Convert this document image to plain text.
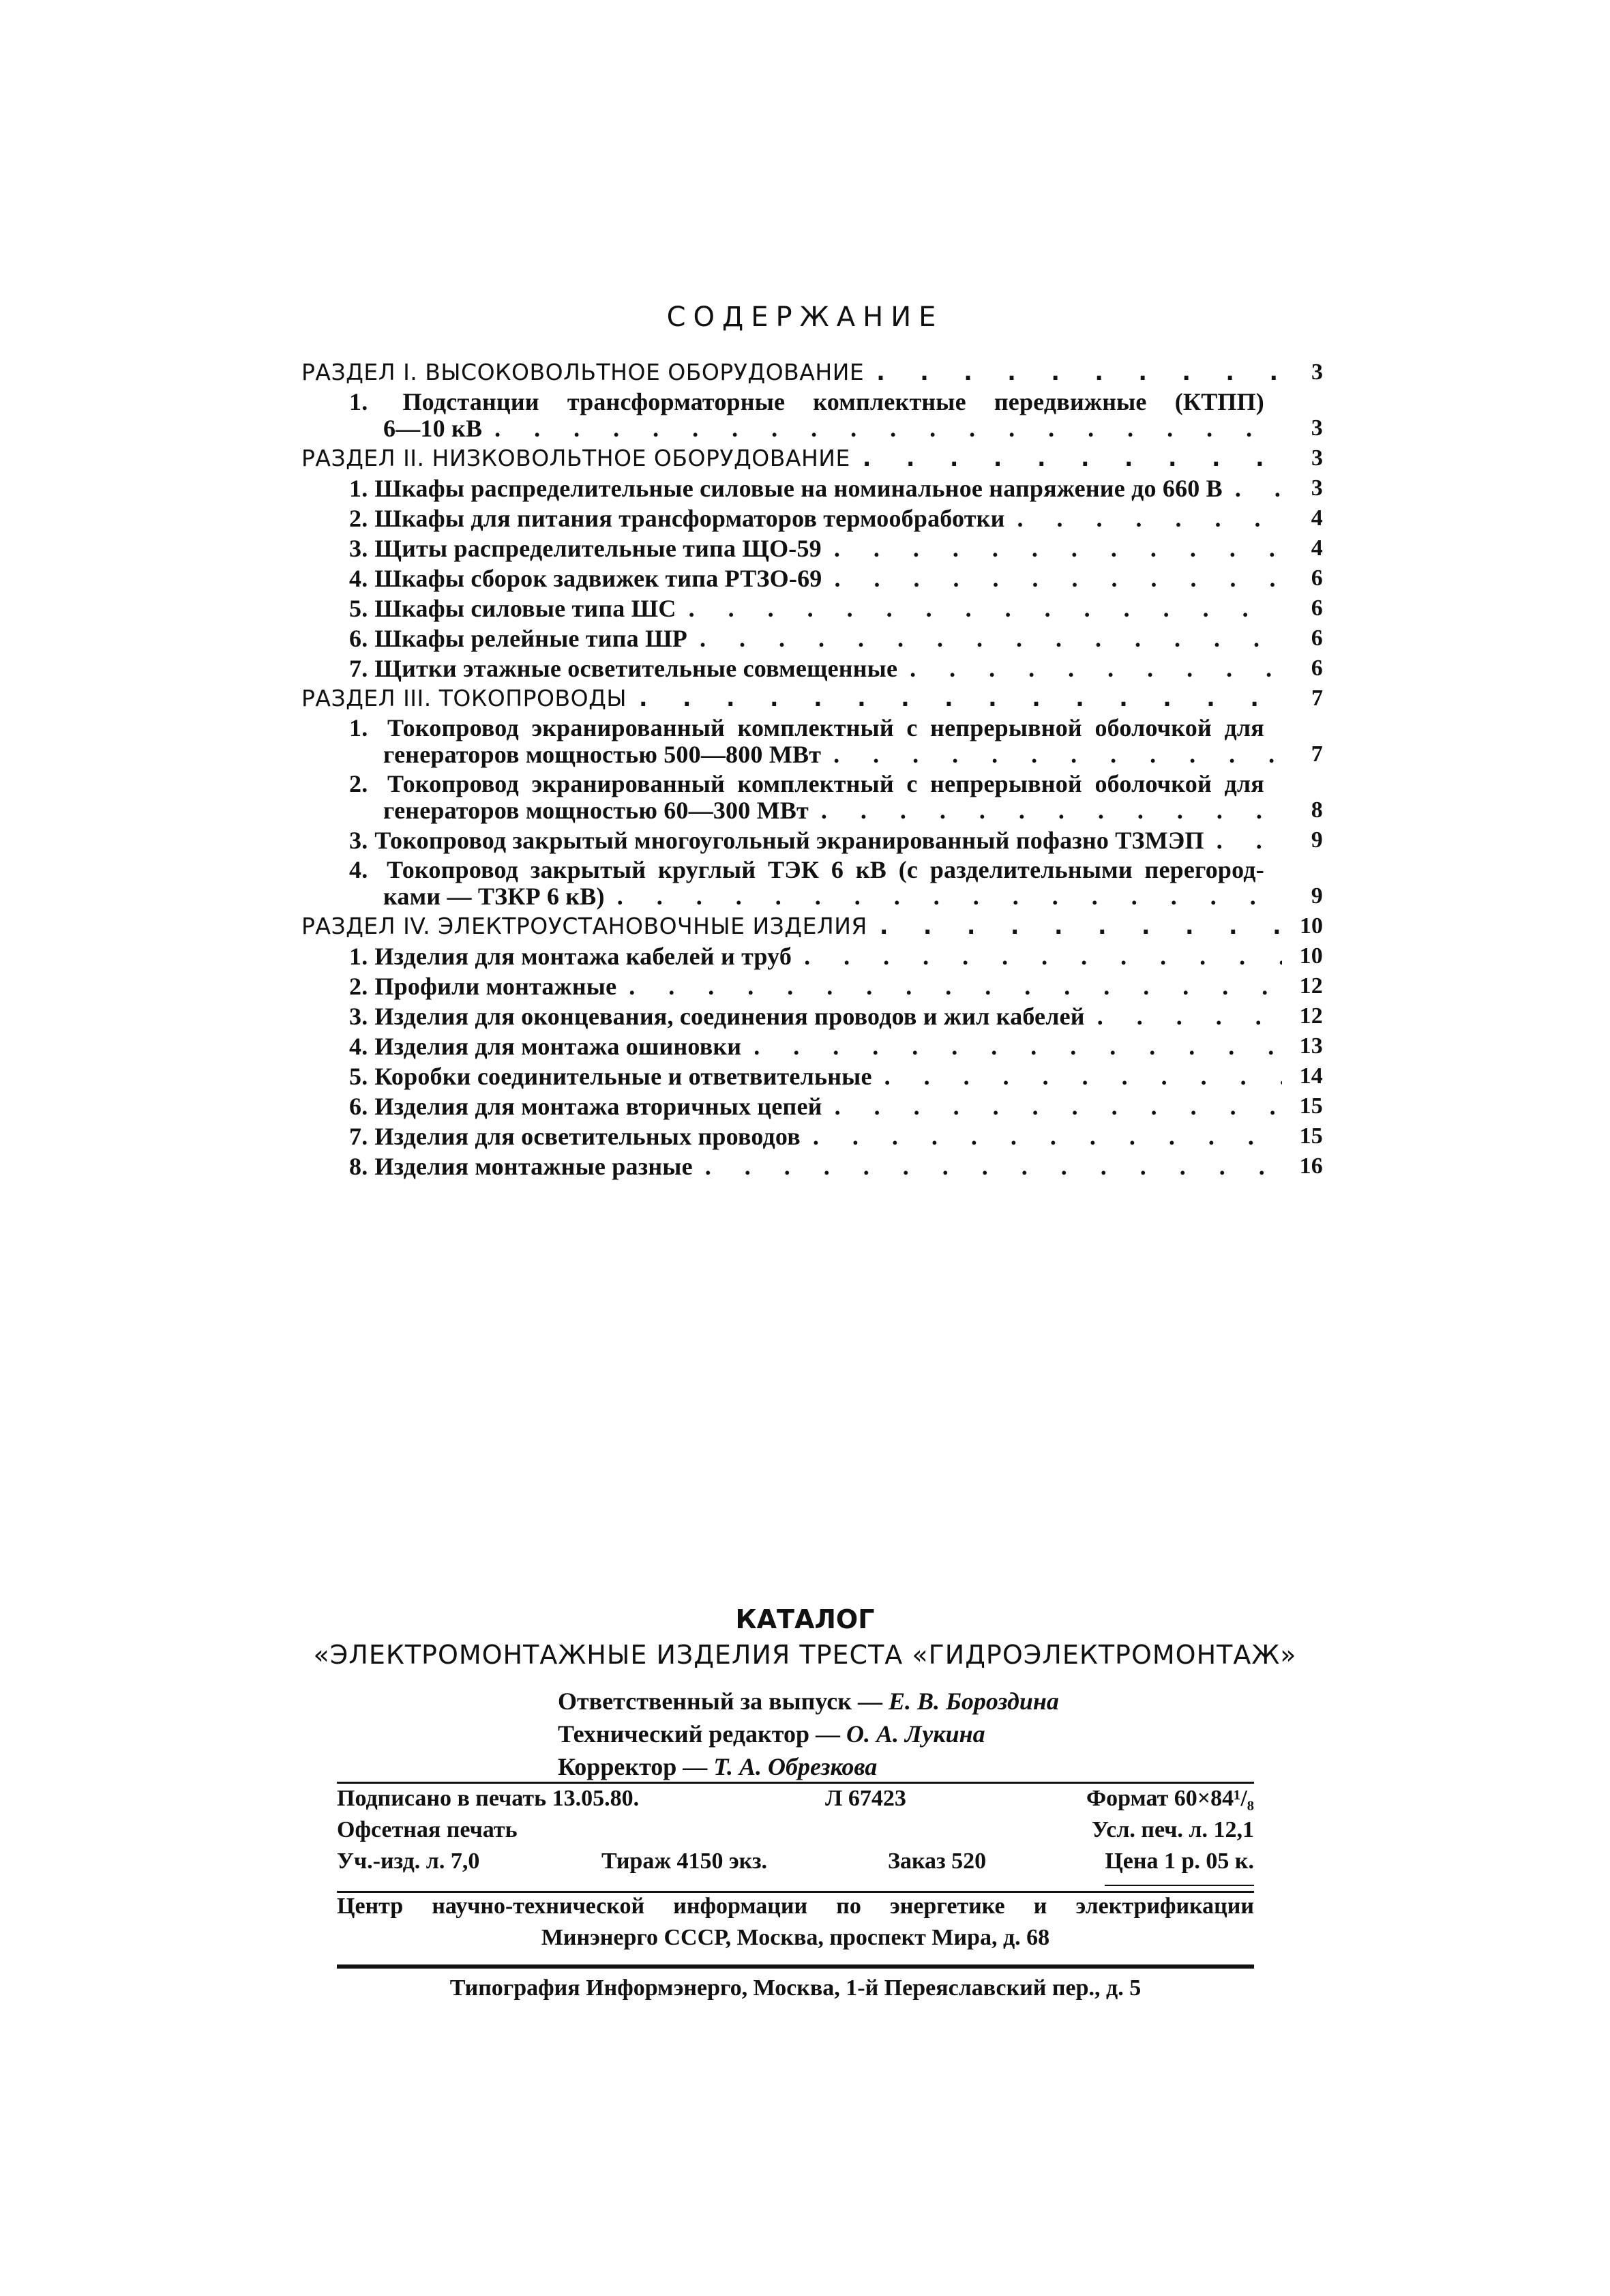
СОДЕРЖАНИЕ
РАЗДЕЛ I. ВЫСОКОВОЛЬТНОЕ ОБОРУДОВАНИЕ . . .	3
1. Подстанции трансформаторные комплектные передвижные (КТПП)
6—10 кВ . . .	3
РАЗДЕЛ II. НИЗКОВОЛЬТНОЕ ОБОРУДОВАНИЕ . . .	3
1. Шкафы распределительные силовые на номинальное напряжение до 660 В . . .	3
2. Шкафы для питания трансформаторов термообработки . . .	4
3. Щиты распределительные типа ЩО-59 . . .	4
4. Шкафы сборок задвижек типа РТЗО-69 . . .	6
5. Шкафы силовые типа ШС . . .	6
6. Шкафы релейные типа ШР . . .	6
7. Щитки этажные осветительные совмещенные . . .	6
РАЗДЕЛ III. ТОКОПРОВОДЫ . . .	7
1. Токопровод экранированный комплектный с непрерывной оболочкой для
генераторов мощностью 500—800 МВт . . .	7
2. Токопровод экранированный комплектный с непрерывной оболочкой для
генераторов мощностью 60—300 МВт . . .	8
3. Токопровод закрытый многоугольный экранированный пофазно ТЗМЭП . . .	9
4. Токопровод закрытый круглый ТЭК 6 кВ (с разделительными перегород-
ками — ТЗКР 6 кВ) . . .	9
РАЗДЕЛ IV. ЭЛЕКТРОУСТАНОВОЧНЫЕ ИЗДЕЛИЯ . . .	10
1. Изделия для монтажа кабелей и труб . . .	10
2. Профили монтажные . . .	12
3. Изделия для оконцевания, соединения проводов и жил кабелей . . .	12
4. Изделия для монтажа ошиновки . . .	13
5. Коробки соединительные и ответвительные . . .	14
6. Изделия для монтажа вторичных цепей . . .	15
7. Изделия для осветительных проводов . . .	15
8. Изделия монтажные разные . . .	16
КАТАЛОГ
«ЭЛЕКТРОМОНТАЖНЫЕ ИЗДЕЛИЯ ТРЕСТА «ГИДРОЭЛЕКТРОМОНТАЖ»
Ответственный за выпуск — Е. В. Бороздина
Технический редактор — О. А. Лукина
Корректор — Т. А. Обрезкова
Подписано в печать 13.05.80.	Л 67423	Формат 60×84¹/₈
Офсетная печать	Усл. печ. л. 12,1
Уч.-изд. л. 7,0	Тираж 4150 экз.	Заказ 520	Цена 1 р. 05 к.
Центр научно-технической информации по энергетике и электрификации
Минэнерго СССР, Москва, проспект Мира, д. 68
Типография Информэнерго, Москва, 1-й Переяславский пер., д. 5
